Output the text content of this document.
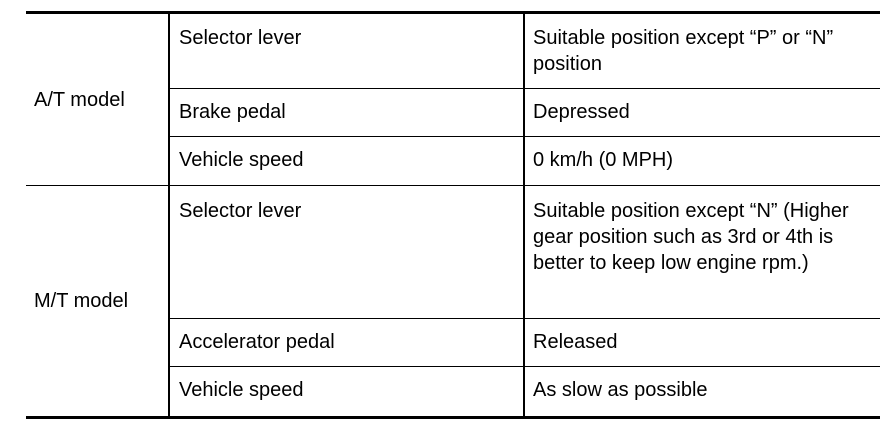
A/T model	Selector lever	Suitable position except “P” or “N” position
	Brake pedal	Depressed
	Vehicle speed	0 km/h (0 MPH)
M/T model	Selector lever	Suitable position except “N” (Higher gear position such as 3rd or 4th is better to keep low engine rpm.)
	Accelerator pedal	Released
	Vehicle speed	As slow as possible
